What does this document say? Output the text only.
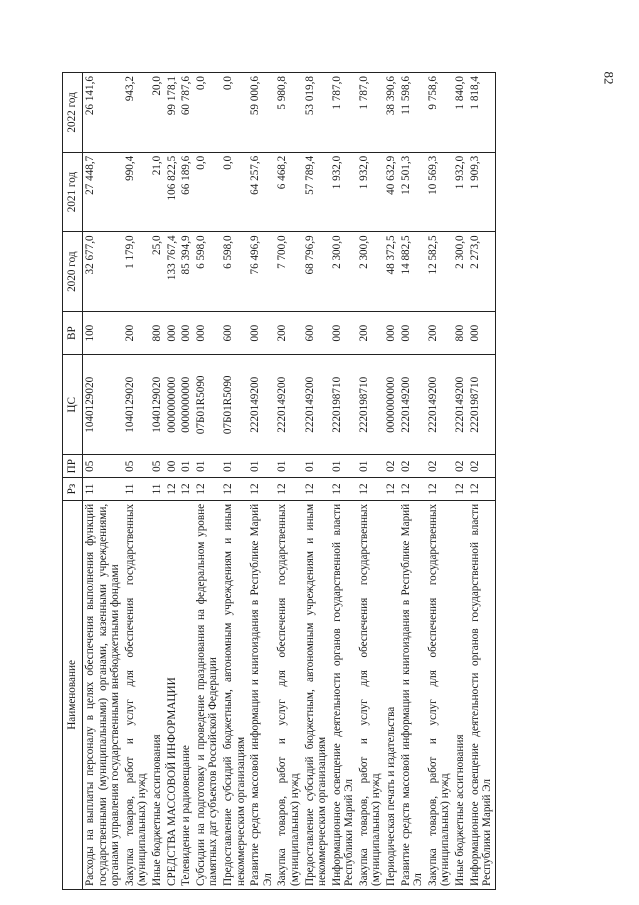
82
Наименование	Рз	ПР	ЦС	ВР	2020 год	2021 год	2022 год
Расходы на выплаты персоналу в целях обеспечения выполнения функций государственными (муниципальными) органами, казенными учреждениями, органами управления государственными внебюджетными фондами	11	05	1040129020	100	32 677,0	27 448,7	26 141,6
Закупка товаров, работ и услуг для обеспечения государственных (муниципальных) нужд	11	05	1040129020	200	1 179,0	990,4	943,2
Иные бюджетные ассигнования	11	05	1040129020	800	25,0	21,0	20,0
СРЕДСТВА МАССОВОЙ ИНФОРМАЦИИ	12	00	0000000000	000	133 767,4	106 822,5	99 178,1
Телевидение и радиовещание	12	01	0000000000	000	85 394,9	66 189,6	60 787,6
Субсидии на подготовку и проведение празднования на федеральном уровне памятных дат субъектов Российской Федерации	12	01	07Б01R5090	000	6 598,0	0,0	0,0
Предоставление субсидий бюджетным, автономным учреждениям и иным некоммерческим организациям	12	01	07Б01R5090	600	6 598,0	0,0	0,0
Развитие средств массовой информации и книгоиздания в Республике Марий Эл	12	01	2220149200	000	76 496,9	64 257,6	59 000,6
Закупка товаров, работ и услуг для обеспечения государственных (муниципальных) нужд	12	01	2220149200	200	7 700,0	6 468,2	5 980,8
Предоставление субсидий бюджетным, автономным учреждениям и иным некоммерческим организациям	12	01	2220149200	600	68 796,9	57 789,4	53 019,8
Информационное освещение деятельности органов государственной власти Республики Марий Эл	12	01	2220198710	000	2 300,0	1 932,0	1 787,0
Закупка товаров, работ и услуг для обеспечения государственных (муниципальных) нужд	12	01	2220198710	200	2 300,0	1 932,0	1 787,0
Периодическая печать и издательства	12	02	0000000000	000	48 372,5	40 632,9	38 390,6
Развитие средств массовой информации и книгоиздания в Республике Марий Эл	12	02	2220149200	000	14 882,5	12 501,3	11 598,6
Закупка товаров, работ и услуг для обеспечения государственных (муниципальных) нужд	12	02	2220149200	200	12 582,5	10 569,3	9 758,6
Иные бюджетные ассигнования	12	02	2220149200	800	2 300,0	1 932,0	1 840,0
Информационное освещение деятельности органов государственной власти Республики Марий Эл	12	02	2220198710	000	2 273,0	1 909,3	1 818,4
